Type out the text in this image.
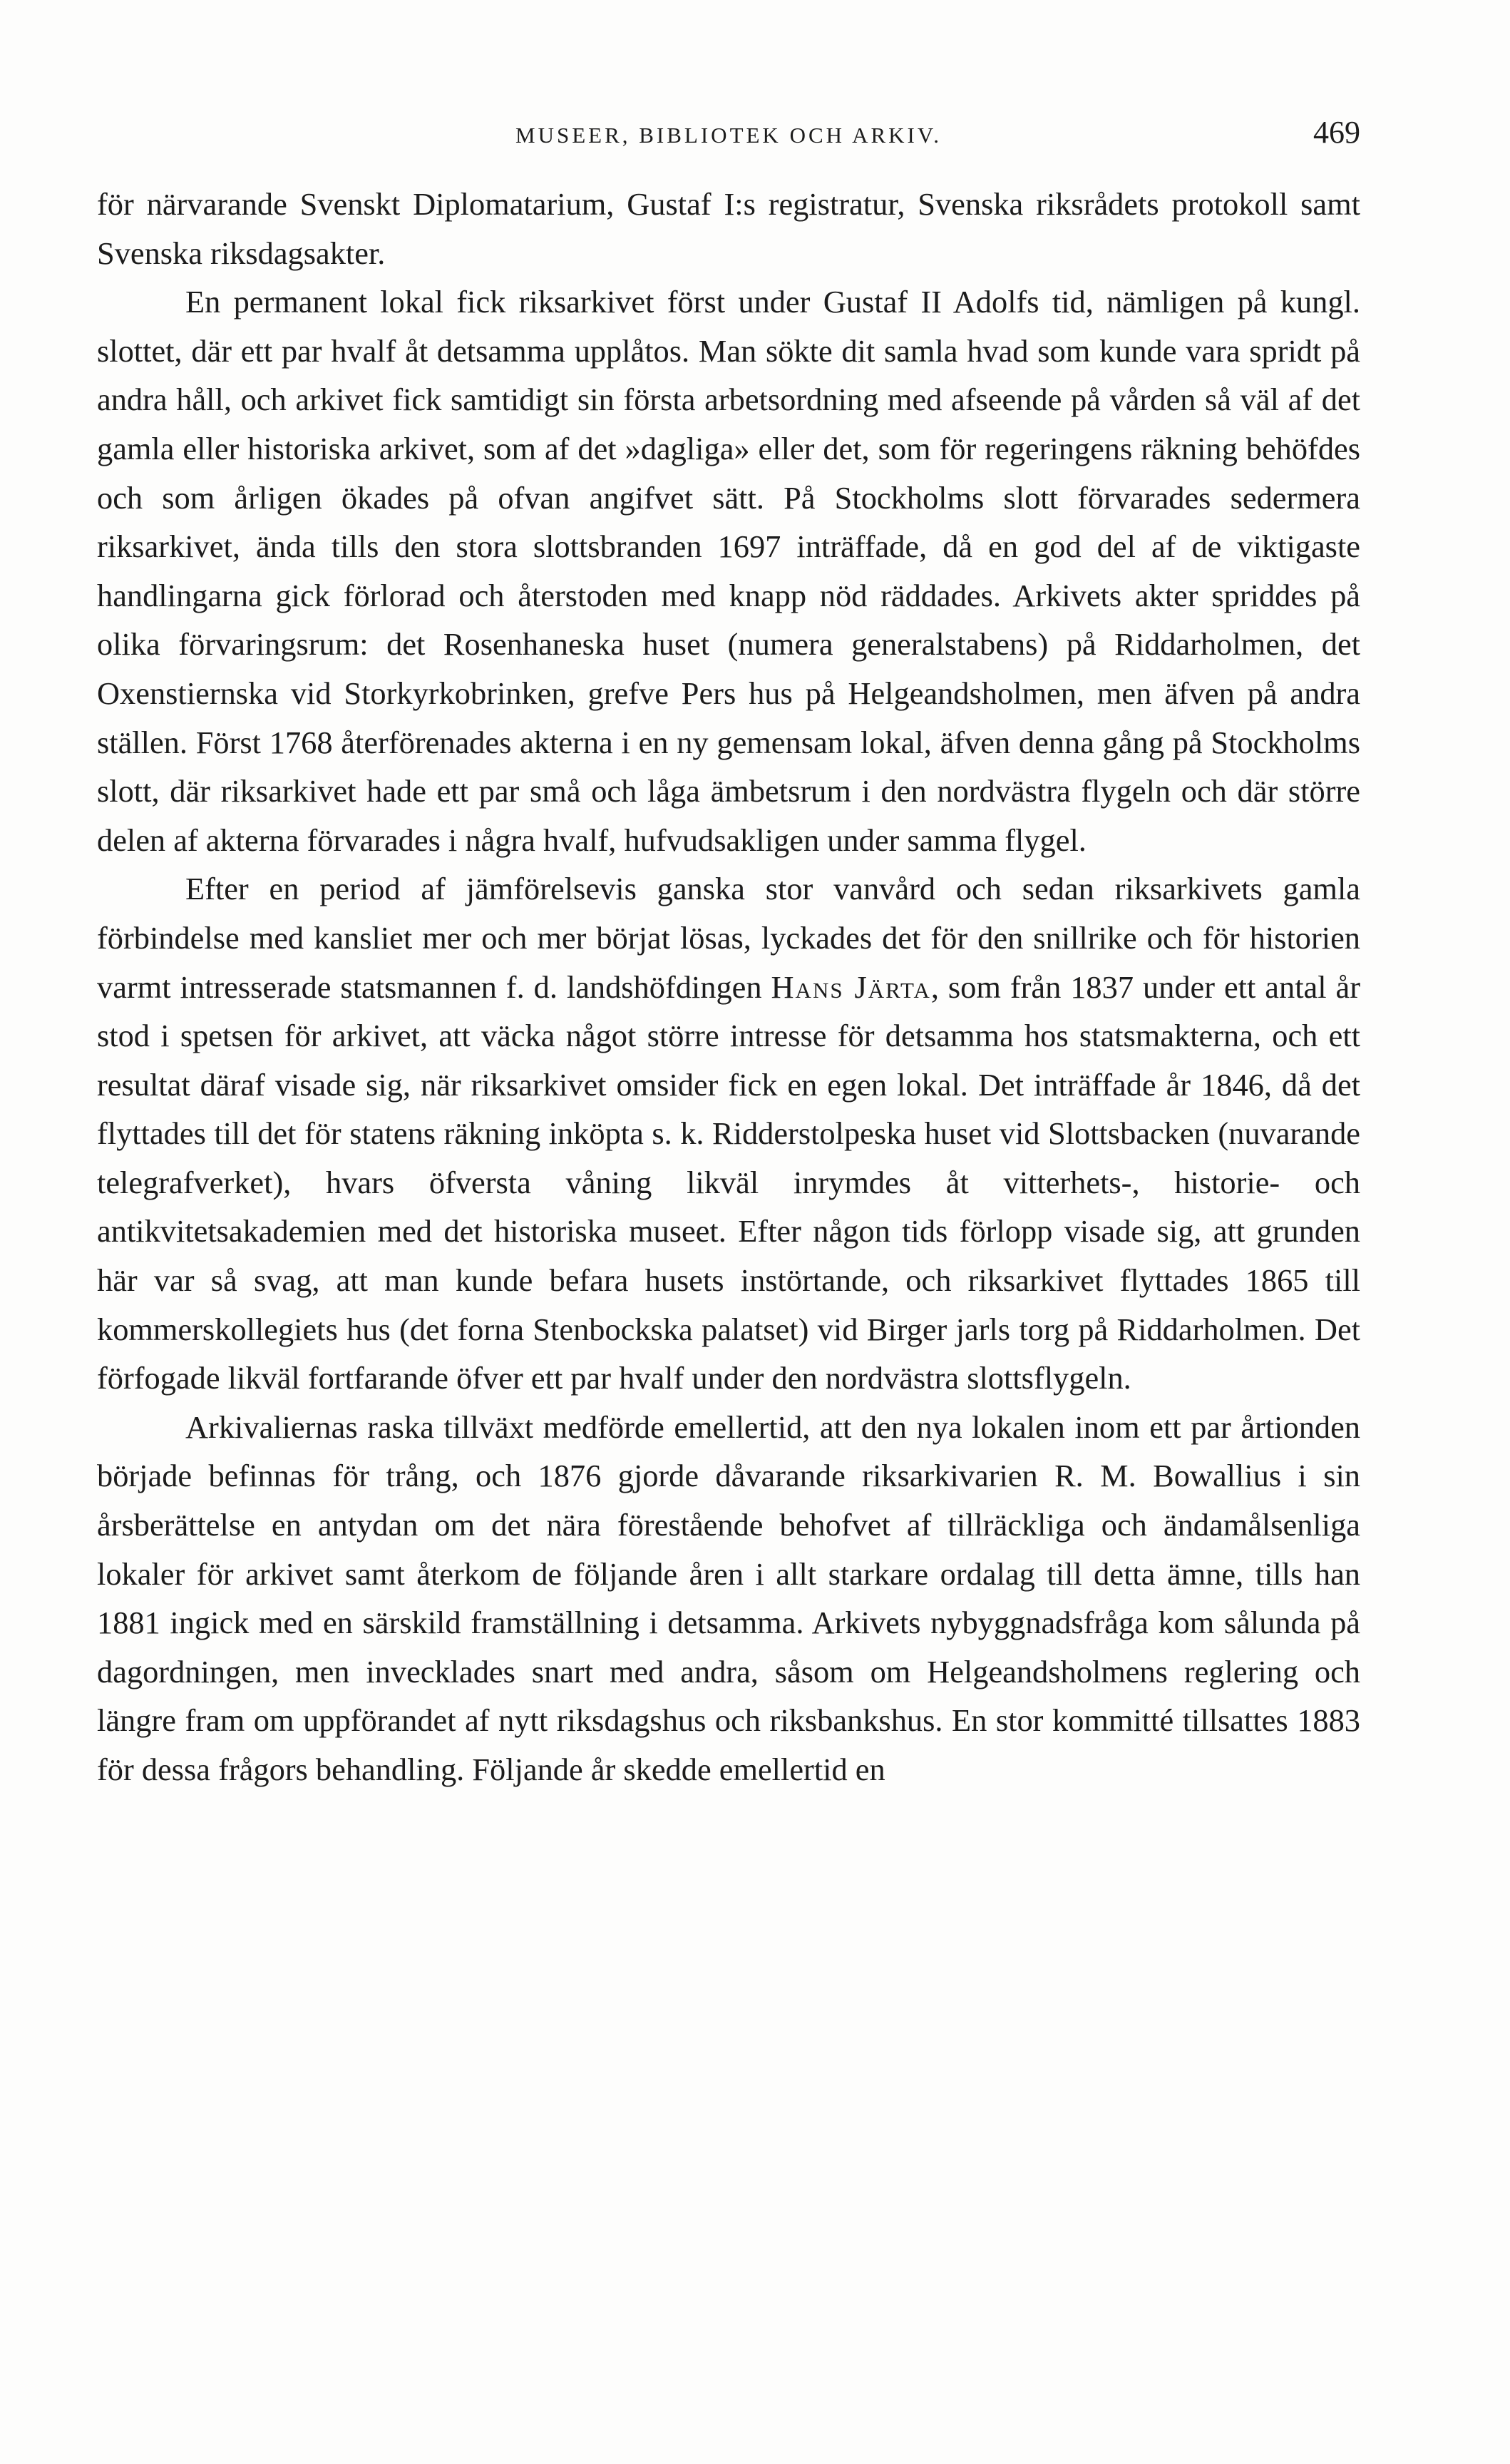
MUSEER, BIBLIOTEK OCH ARKIV.	469

för närvarande Svenskt Diplomatarium, Gustaf I:s registratur, Svenska riksrådets protokoll samt Svenska riksdagsakter.

En permanent lokal fick riksarkivet först under Gustaf II Adolfs tid, nämligen på kungl. slottet, där ett par hvalf åt detsamma upplåtos. Man sökte dit samla hvad som kunde vara spridt på andra håll, och arkivet fick samtidigt sin första arbetsordning med afseende på vården så väl af det gamla eller historiska arkivet, som af det »dagliga» eller det, som för regeringens räkning behöfdes och som årligen ökades på ofvan angifvet sätt. På Stockholms slott förvarades sedermera riksarkivet, ända tills den stora slottsbranden 1697 inträffade, då en god del af de viktigaste handlingarna gick förlorad och återstoden med knapp nöd räddades. Arkivets akter spriddes på olika förvaringsrum: det Rosenhaneska huset (numera generalstabens) på Riddarholmen, det Oxenstiernska vid Storkyrkobrinken, grefve Pers hus på Helgeandsholmen, men äfven på andra ställen. Först 1768 återförenades akterna i en ny gemensam lokal, äfven denna gång på Stockholms slott, där riksarkivet hade ett par små och låga ämbetsrum i den nordvästra flygeln och där större delen af akterna förvarades i några hvalf, hufvudsakligen under samma flygel.

Efter en period af jämförelsevis ganska stor vanvård och sedan riksarkivets gamla förbindelse med kansliet mer och mer börjat lösas, lyckades det för den snillrike och för historien varmt intresserade statsmannen f. d. landshöfdingen Hans Järta, som från 1837 under ett antal år stod i spetsen för arkivet, att väcka något större intresse för detsamma hos statsmakterna, och ett resultat däraf visade sig, när riksarkivet omsider fick en egen lokal. Det inträffade år 1846, då det flyttades till det för statens räkning inköpta s. k. Ridderstolpeska huset vid Slottsbacken (nuvarande telegrafverket), hvars öfversta våning likväl inrymdes åt vitterhets-, historie- och antikvitetsakademien med det historiska museet. Efter någon tids förlopp visade sig, att grunden här var så svag, att man kunde befara husets instörtande, och riksarkivet flyttades 1865 till kommerskollegiets hus (det forna Stenbockska palatset) vid Birger jarls torg på Riddarholmen. Det förfogade likväl fortfarande öfver ett par hvalf under den nordvästra slottsflygeln.

Arkivaliernas raska tillväxt medförde emellertid, att den nya lokalen inom ett par årtionden började befinnas för trång, och 1876 gjorde dåvarande riksarkivarien R. M. Bowallius i sin årsberättelse en antydan om det nära förestående behofvet af tillräckliga och ändamålsenliga lokaler för arkivet samt återkom de följande åren i allt starkare ordalag till detta ämne, tills han 1881 ingick med en särskild framställning i detsamma. Arkivets nybyggnadsfråga kom sålunda på dagordningen, men invecklades snart med andra, såsom om Helgeandsholmens reglering och längre fram om uppförandet af nytt riksdagshus och riksbankshus. En stor kommitté tillsattes 1883 för dessa frågors behandling. Följande år skedde emellertid en
